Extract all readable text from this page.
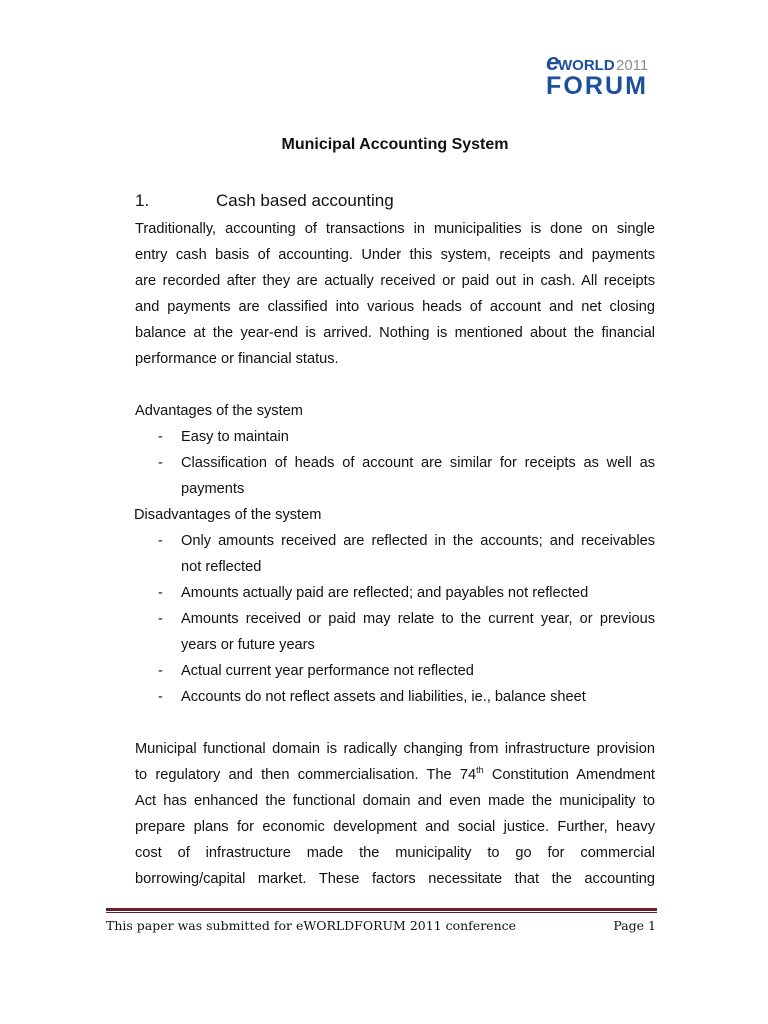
e
WORLD 2011
FORUM
Municipal Accounting System
1.	Cash based accounting
Traditionally, accounting of transactions in municipalities is done on single
entry cash basis of accounting. Under this system, receipts and payments
are recorded after they are actually received or paid out in cash. All receipts
and payments are classified into various heads of account and net closing
balance at the year-end is arrived. Nothing is mentioned about the financial
performance or financial status.
Advantages of the system
- Easy to maintain
- Classification of heads of account are similar for receipts as well as
payments
Disadvantages of the system
- Only amounts received are reflected in the accounts; and receivables
not reflected
- Amounts actually paid are reflected; and payables not reflected
- Amounts received or paid may relate to the current year, or previous
years or future years
- Actual current year performance not reflected
- Accounts do not reflect assets and liabilities, ie., balance sheet
Municipal functional domain is radically changing from infrastructure provision
to regulatory and then commercialisation. The 74th Constitution Amendment
Act has enhanced the functional domain and even made the municipality to
prepare plans for economic development and social justice. Further, heavy
cost of infrastructure made the municipality to go for commercial
borrowing/capital market. These factors necessitate that the accounting
This paper was submitted for eWORLDFORUM 2011 conference	Page 1
